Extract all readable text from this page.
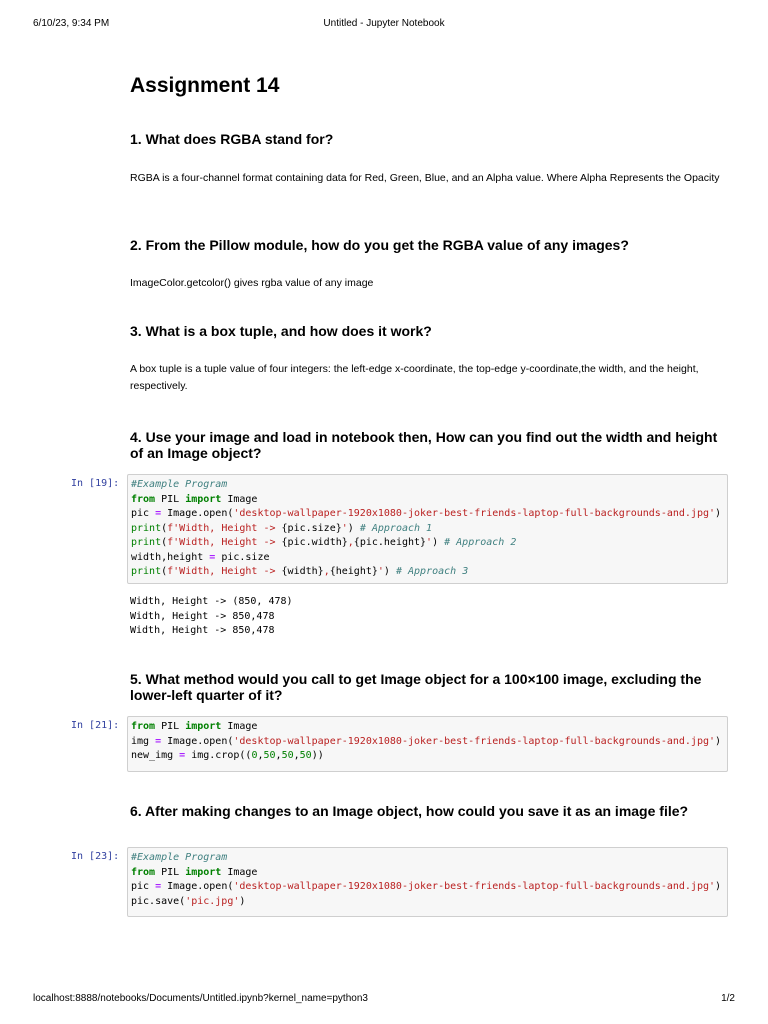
6/10/23, 9:34 PM	Untitled - Jupyter Notebook
Assignment 14
1. What does RGBA stand for?

RGBA is a four-channel format containing data for Red, Green, Blue, and an Alpha value. Where Alpha Represents the Opacity

2. From the Pillow module, how do you get the RGBA value of any images?

ImageColor.getcolor() gives rgba value of any image

3. What is a box tuple, and how does it work?

A box tuple is a tuple value of four integers: the left-edge x-coordinate, the top-edge y-coordinate,the width, and the height, respectively.

4. Use your image and load in notebook then, How can you find out the width and height of an Image object?
In [19]:	#Example Program
from PIL import Image
pic = Image.open('desktop-wallpaper-1920x1080-joker-best-friends-laptop-full-backgrounds-and.jpg')
print(f'Width, Height -> {pic.size}') # Approach 1
print(f'Width, Height -> {pic.width},{pic.height}') # Approach 2
width,height = pic.size
print(f'Width, Height -> {width},{height}') # Approach 3
Width, Height -> (850, 478)
Width, Height -> 850,478
Width, Height -> 850,478
5. What method would you call to get Image object for a 100×100 image, excluding the lower-left quarter of it?
In [21]:	from PIL import Image
img = Image.open('desktop-wallpaper-1920x1080-joker-best-friends-laptop-full-backgrounds-and.jpg')
new_img = img.crop((0,50,50,50))
6. After making changes to an Image object, how could you save it as an image file?
In [23]:	#Example Program
from PIL import Image
pic = Image.open('desktop-wallpaper-1920x1080-joker-best-friends-laptop-full-backgrounds-and.jpg')
pic.save('pic.jpg')
localhost:8888/notebooks/Documents/Untitled.ipynb?kernel_name=python3	1/2
